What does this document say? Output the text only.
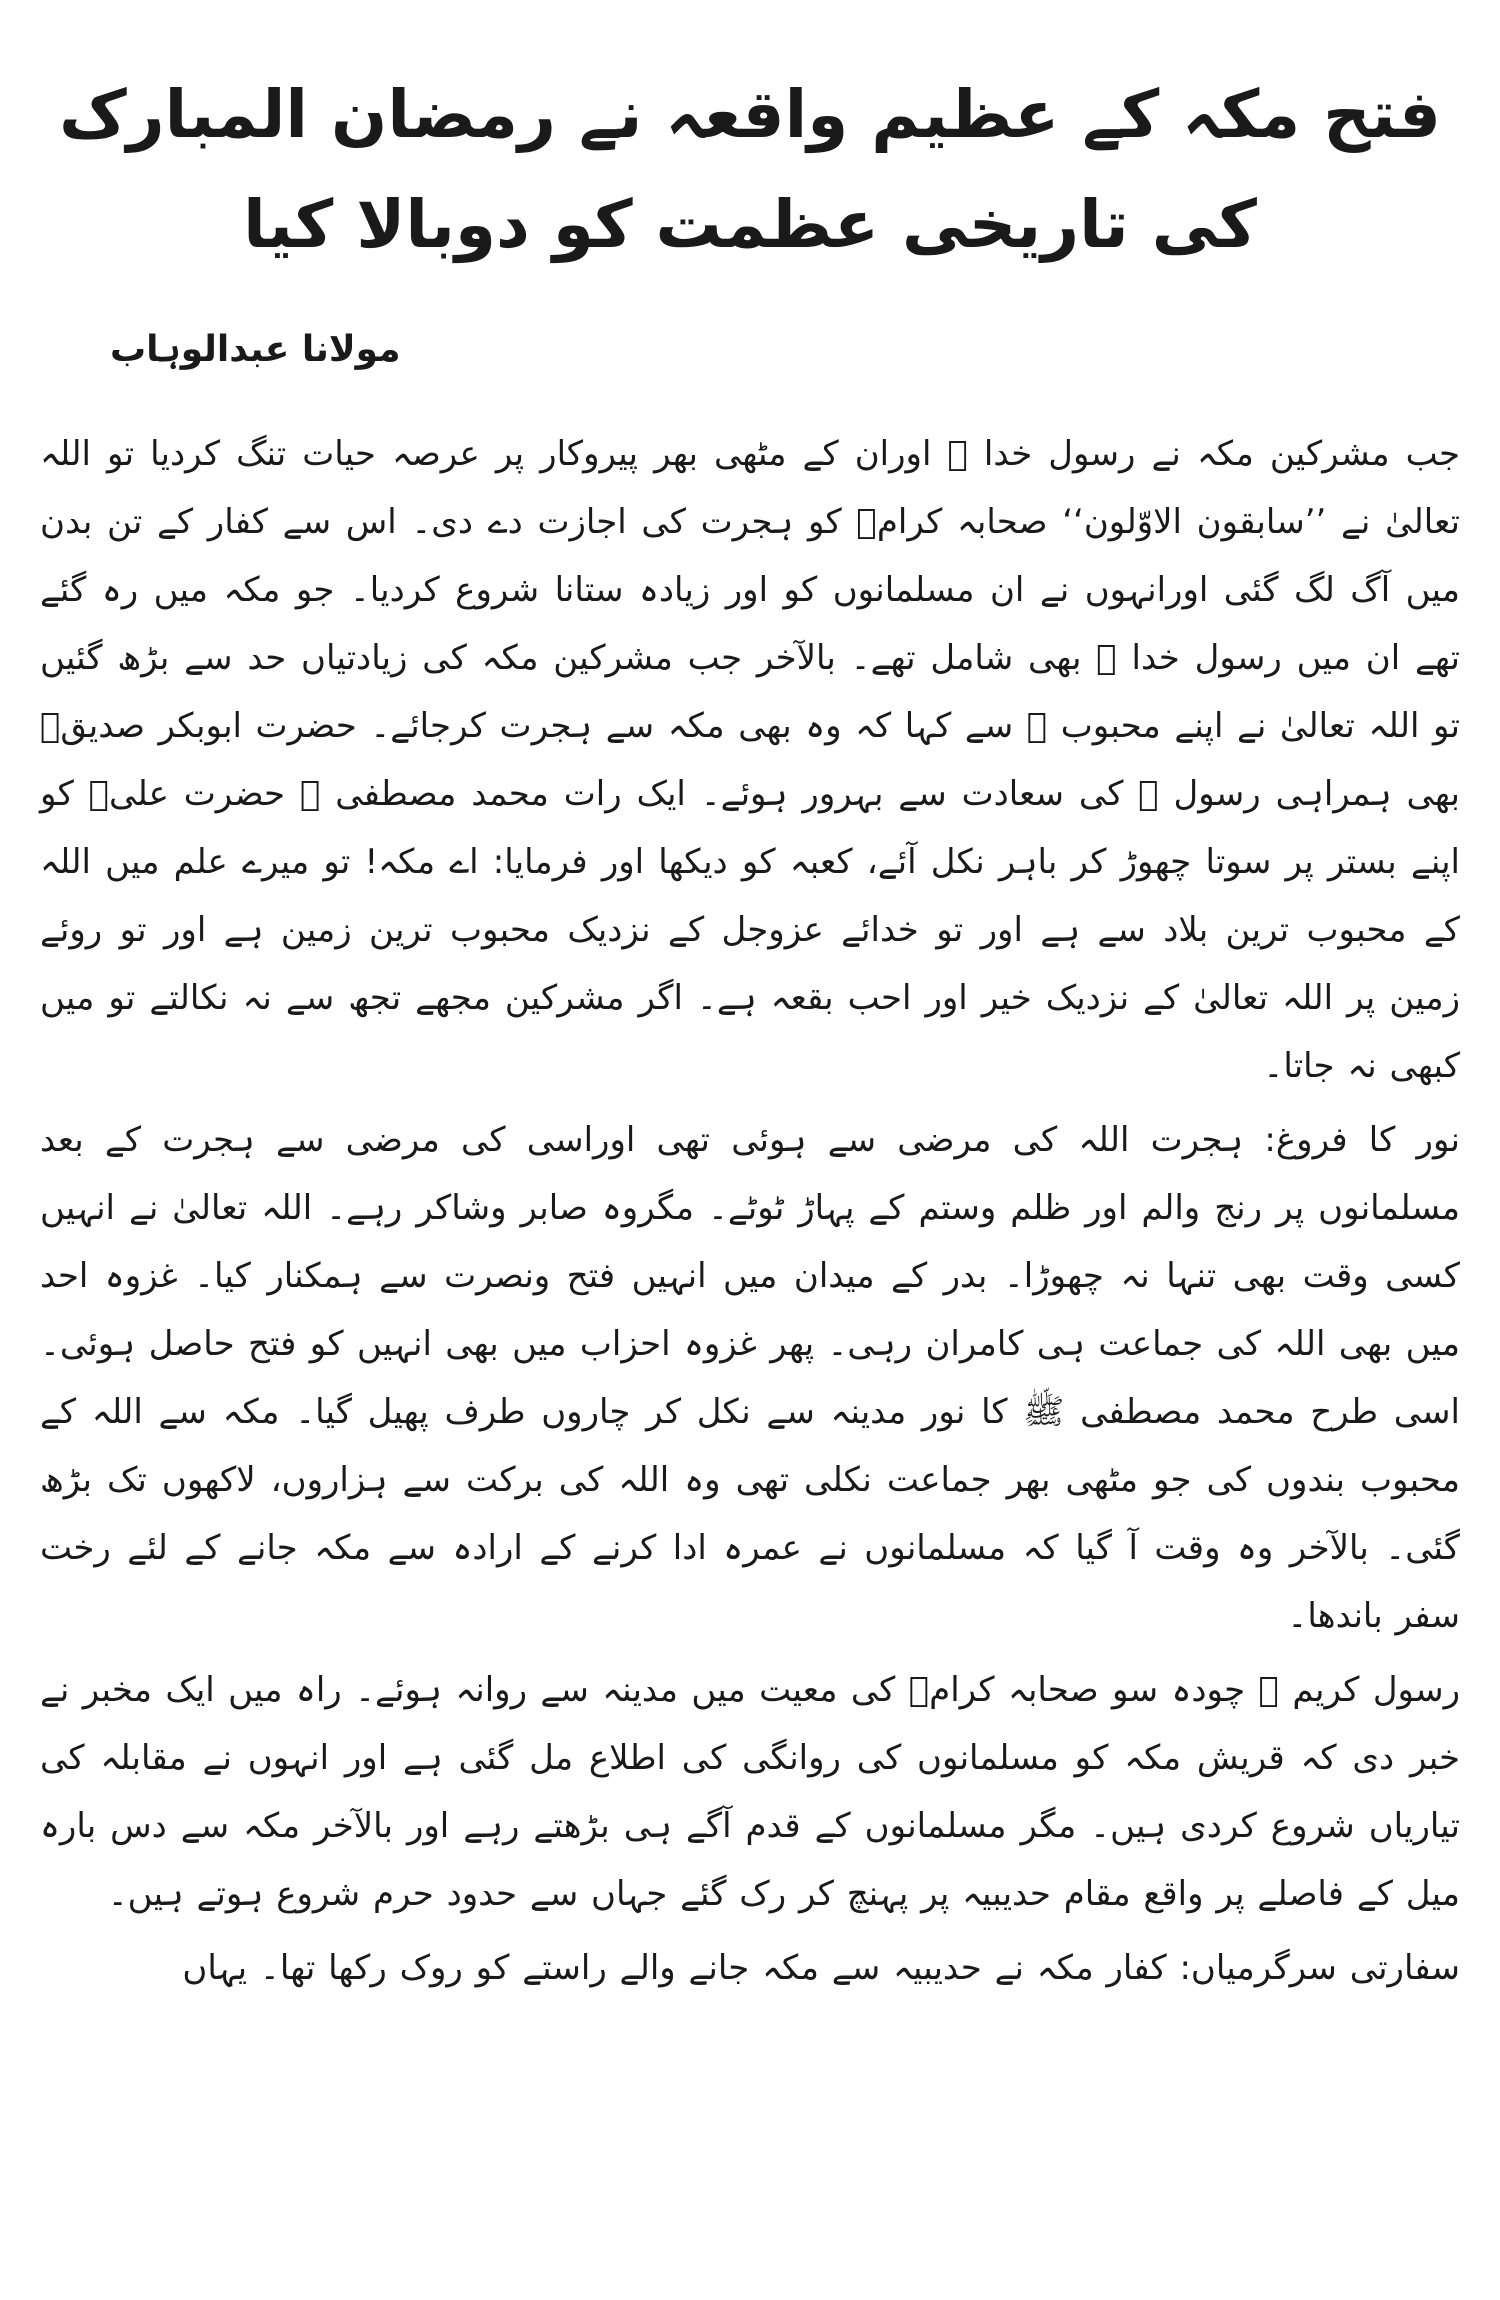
فتح مکہ کے عظیم واقعہ نے رمضان المبارک کی تاریخی عظمت کو دوبالا کیا
مولانا عبدالوہاب

جب مشرکین مکہ نے رسول خدا ﷺ اوران کے مٹھی بھر پیروکار پر عرصہ حیات تنگ کردیا تو اللہ تعالیٰ نے ’’سابقون الاوّلون‘‘ صحابہ کرامؓ کو ہجرت کی اجازت دے دی۔ اس سے کفار کے تن بدن میں آگ لگ گئی اورانہوں نے ان مسلمانوں کو اور زیادہ ستانا شروع کردیا۔ جو مکہ میں رہ گئے تھے ان میں رسول خدا ﷺ بھی شامل تھے۔ بالآخر جب مشرکین مکہ کی زیادتیاں حد سے بڑھ گئیں تو اللہ تعالیٰ نے اپنے محبوب ﷺ سے کہا کہ وہ بھی مکہ سے ہجرت کرجائے۔ حضرت ابوبکر صدیقؓ بھی ہمراہی رسول ﷺ کی سعادت سے بہرور ہوئے۔ ایک رات محمد مصطفی ﷺ حضرت علیؓ کو اپنے بستر پر سوتا چھوڑ کر باہر نکل آئے، کعبہ کو دیکھا اور فرمایا: اے مکہ! تو میرے علم میں اللہ کے محبوب ترین بلاد سے ہے اور تو خدائے عزوجل کے نزدیک محبوب ترین زمین ہے اور تو روئے زمین پر اللہ تعالیٰ کے نزدیک خیر اور احب بقعہ ہے۔ اگر مشرکین مجھے تجھ سے نہ نکالتے تو میں کبھی نہ جاتا۔

نور کا فروغ: ہجرت اللہ کی مرضی سے ہوئی تھی اوراسی کی مرضی سے ہجرت کے بعد مسلمانوں پر رنج والم اور ظلم وستم کے پہاڑ ٹوٹے۔ مگروہ صابر وشاکر رہے۔ اللہ تعالیٰ نے انہیں کسی وقت بھی تنہا نہ چھوڑا۔ بدر کے میدان میں انہیں فتح ونصرت سے ہمکنار کیا۔ غزوہ احد میں بھی اللہ کی جماعت ہی کامران رہی۔ پھر غزوہ احزاب میں بھی انہیں کو فتح حاصل ہوئی۔ اسی طرح محمد مصطفی ﷺ کا نور مدینہ سے نکل کر چاروں طرف پھیل گیا۔ مکہ سے اللہ کے محبوب بندوں کی جو مٹھی بھر جماعت نکلی تھی وہ اللہ کی برکت سے ہزاروں، لاکھوں تک بڑھ گئی۔ بالآخر وہ وقت آ گیا کہ مسلمانوں نے عمرہ ادا کرنے کے ارادہ سے مکہ جانے کے لئے رخت سفر باندھا۔

رسول کریم ﷺ چودہ سو صحابہ کرامؓ کی معیت میں مدینہ سے روانہ ہوئے۔ راہ میں ایک مخبر نے خبر دی کہ قریش مکہ کو مسلمانوں کی روانگی کی اطلاع مل گئی ہے اور انہوں نے مقابلہ کی تیاریاں شروع کردی ہیں۔ مگر مسلمانوں کے قدم آگے ہی بڑھتے رہے اور بالآخر مکہ سے دس بارہ میل کے فاصلے پر واقع مقام حدیبیہ پر پہنچ کر رک گئے جہاں سے حدود حرم شروع ہوتے ہیں۔

سفارتی سرگرمیاں: کفار مکہ نے حدیبیہ سے مکہ جانے والے راستے کو روک رکھا تھا۔ یہاں
